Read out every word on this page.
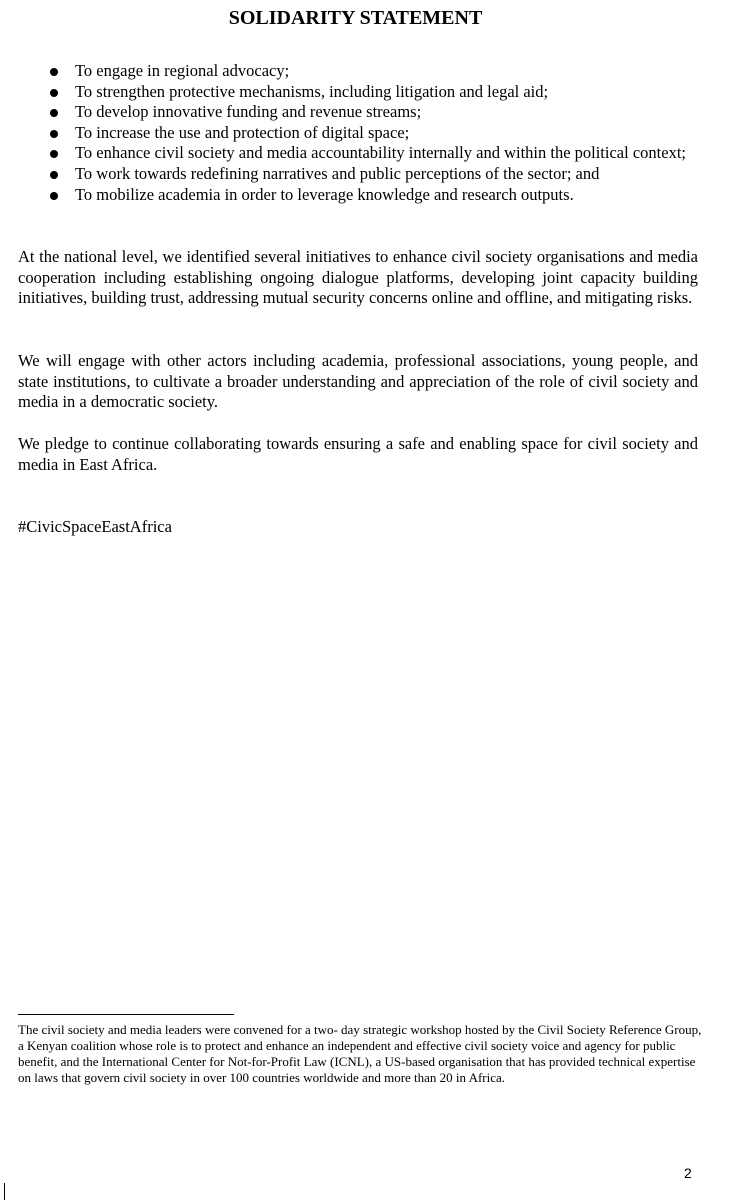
SOLIDARITY STATEMENT
To engage in regional advocacy;
To strengthen protective mechanisms, including litigation and legal aid;
To develop innovative funding and revenue streams;
To increase the use and protection of digital space;
To enhance civil society and media accountability internally and within the political context;
To work towards redefining narratives and public perceptions of the sector; and
To mobilize academia in order to leverage knowledge and research outputs.

At the national level, we identified several initiatives to enhance civil society organisations and media cooperation including establishing ongoing dialogue platforms, developing joint capacity building initiatives, building trust, addressing mutual security concerns online and offline, and mitigating risks.

We will engage with other actors including academia, professional associations, young people, and state institutions, to cultivate a broader understanding and appreciation of the role of civil society and media in a democratic society.

We pledge to continue collaborating towards ensuring a safe and enabling space for civil society and media in East Africa.

#CivicSpaceEastAfrica

The civil society and media leaders were convened for a two- day strategic workshop hosted by the Civil Society Reference Group, a Kenyan coalition whose role is to protect and enhance an independent and effective civil society voice and agency for public benefit, and the International Center for Not-for-Profit Law (ICNL), a US-based organisation that has provided technical expertise on laws that govern civil society in over 100 countries worldwide and more than 20 in Africa.

2
